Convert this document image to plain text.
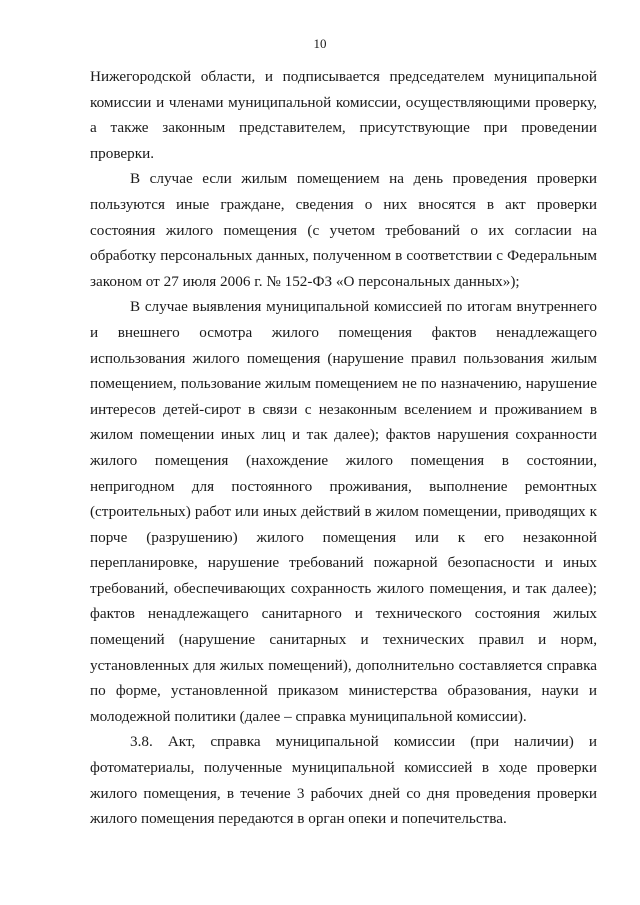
10

Нижегородской области, и подписывается председателем муниципальной комиссии и членами муниципальной комиссии, осуществляющими проверку, а также законным представителем, присутствующие при проведении проверки.

В случае если жилым помещением на день проведения проверки пользуются иные граждане, сведения о них вносятся в акт проверки состояния жилого помещения (с учетом требований о их согласии на обработку персональных данных, полученном в соответствии с Федеральным законом от 27 июля 2006 г. № 152-ФЗ «О персональных данных»);

В случае выявления муниципальной комиссией по итогам внутреннего и внешнего осмотра жилого помещения фактов ненадлежащего использования жилого помещения (нарушение правил пользования жилым помещением, пользование жилым помещением не по назначению, нарушение интересов детей-сирот в связи с незаконным вселением и проживанием в жилом помещении иных лиц и так далее); фактов нарушения сохранности жилого помещения (нахождение жилого помещения в состоянии, непригодном для постоянного проживания, выполнение ремонтных (строительных) работ или иных действий в жилом помещении, приводящих к порче (разрушению) жилого помещения или к его незаконной перепланировке, нарушение требований пожарной безопасности и иных требований, обеспечивающих сохранность жилого помещения, и так далее); фактов ненадлежащего санитарного и технического состояния жилых помещений (нарушение санитарных и технических правил и норм, установленных для жилых помещений), дополнительно составляется справка по форме, установленной приказом министерства образования, науки и молодежной политики (далее – справка муниципальной комиссии).

3.8. Акт, справка муниципальной комиссии (при наличии) и фотоматериалы, полученные муниципальной комиссией в ходе проверки жилого помещения, в течение 3 рабочих дней со дня проведения проверки жилого помещения передаются в орган опеки и попечительства.
